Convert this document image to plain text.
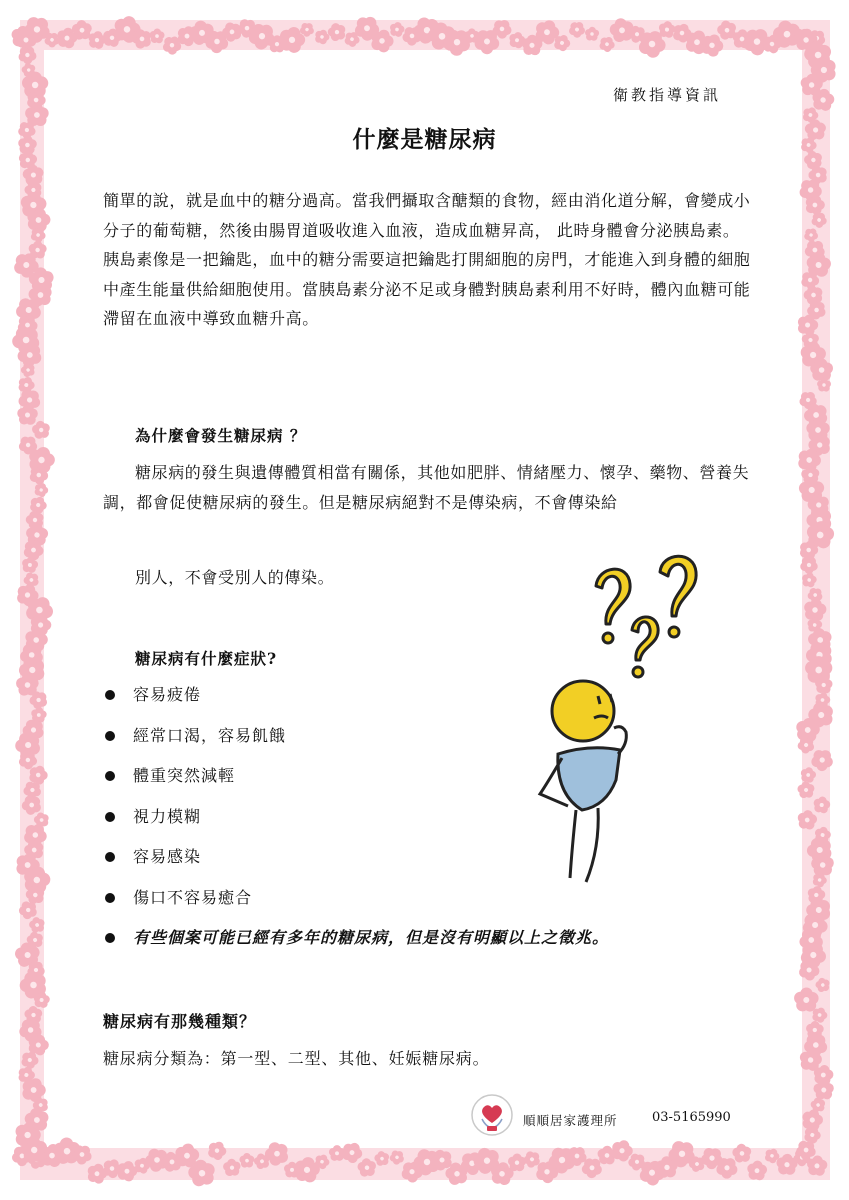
衛教指導資訊
什麼是糖尿病

簡單的說，就是血中的糖分過高。當我們攝取含醣類的食物，經由消化道分解，會變成小分子的葡萄糖，然後由腸胃道吸收進入血液，造成血糖昇高， 此時身體會分泌胰島素。胰島素像是一把鑰匙，血中的糖分需要這把鑰匙打開細胞的房門，才能進入到身體的細胞中產生能量供給細胞使用。當胰島素分泌不足或身體對胰島素利用不好時，體內血糖可能滯留在血液中導致血糖升高。

為什麼會發生糖尿病 ？

糖尿病的發生與遺傳體質相當有關係，其他如肥胖、情緒壓力、懷孕、藥物、營養失調，都會促使糖尿病的發生。但是糖尿病絕對不是傳染病，不會傳染給

別人，不會受別人的傳染。
糖尿病有什麼症狀?
容易疲倦
經常口渴，容易飢餓
體重突然減輕
視力模糊
容易感染
傷口不容易癒合
有些個案可能已經有多年的糖尿病，但是沒有明顯以上之徵兆。
糖尿病有那幾種類？
糖尿病分類為：第一型、二型、其他、妊娠糖尿病。
順順居家護理所	03-5165990
